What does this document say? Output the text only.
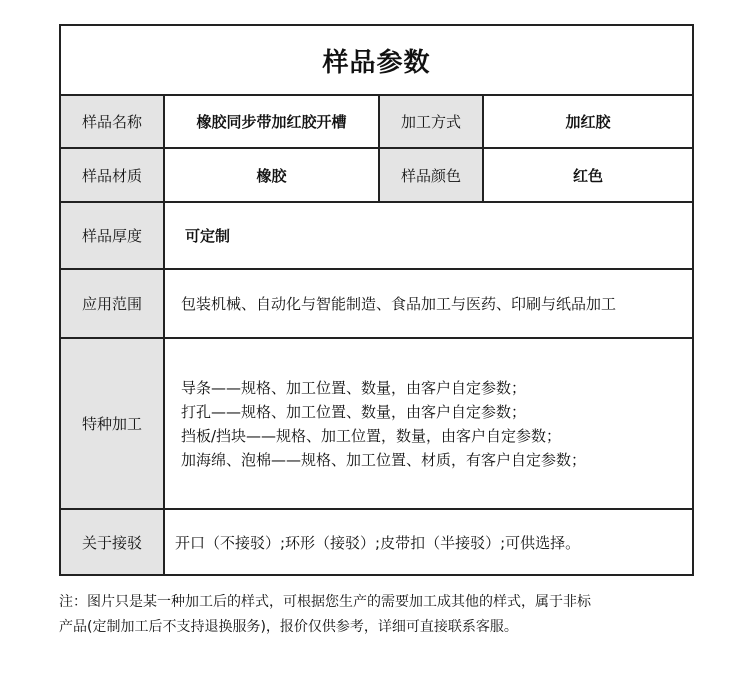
样品参数			
样品名称	橡胶同步带加红胶开槽	加工方式	加红胶
样品材质	橡胶	样品颜色	红色
样品厚度	可定制		
应用范围	包装机械、自动化与智能制造、食品加工与医药、印刷与纸品加工		
特种加工	导条——规格、加工位置、数量，由客户自定参数；
打孔——规格、加工位置、数量，由客户自定参数；
挡板/挡块——规格、加工位置，数量，由客户自定参数；
加海绵、泡棉——规格、加工位置、材质，有客户自定参数；		

关于接驳	开口（不接驳）;环形（接驳）;皮带扣（半接驳）;可供选择。		
注：图片只是某一种加工后的样式，可根据您生产的需要加工成其他的样式，属于非标
产品(定制加工后不支持退换服务)，报价仅供参考，详细可直接联系客服。
